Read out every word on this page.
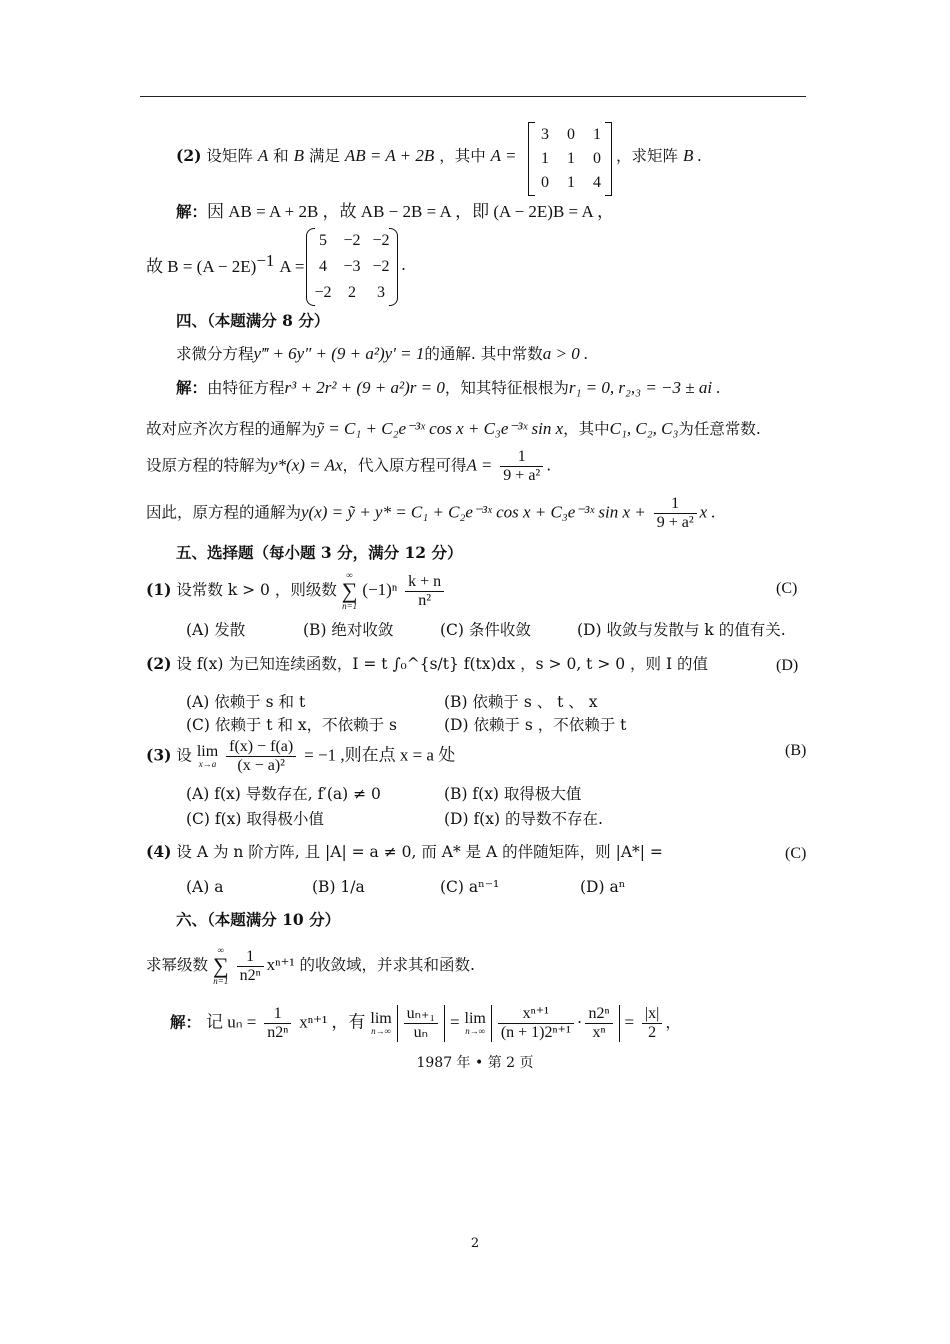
(2) 设矩阵 A 和 B 满足 AB = A + 2B ，其中 A =
3	0	1
1	1	0
0	1	4
，求矩阵 B .
解：因 AB = A + 2B ，故 AB − 2B = A ，即 (A − 2E)B = A ，
故 $B = (A - 2E)^{-1}$ A =
5	−2 −2
4	−3 −2
−2	2	3
.
四、（本题满分 8 分）
求微分方程y‴ + 6y″ + (9 + a²)y′ = 1的通解. 其中常数a > 0 .
解：由特征方程r³ + 2r² + (9 + a²)r = 0，知其特征根根为r₁ = 0, r₂,₃ = −3 ± ai .
故对应齐次方程的通解为ỹ = C₁ + C₂e⁻³ˣ cos x + C₃e⁻³ˣ sin x，其中C₁, C₂, C₃为任意常数.
设原方程的特解为y*(x) = Ax，代入原方程可得$A = \frac{1}{\text{9 + a²}}$ .
因此，原方程的通解为y(x) = ỹ + y* = C₁ + C₂e⁻³ˣ cos x + C₃e⁻³ˣ $\sin x + \frac{1}{\text{9 + a²}}$ x .
五、选择题（每小题 3 分，满分 12 分）
(1) 设常数 k > 0 ，则级数
∞
∑
n=1
$(-1)^n \frac{k + n}{\text{n²}}$	(C)
(A) 发散	(B) 绝对收敛	(C) 条件收敛	(D) 收敛与发散与 k 的值有关.
(2) 设 f(x) 为已知连续函数，I = t ∫₀^{s/t} f(tx)dx ，s > 0, t > 0 ，则 I 的值	(D)
(A) 依赖于 s 和 t	(B) 依赖于 s 、 t 、 x
(C) 依赖于 t 和 x，不依赖于 s	(D) 依赖于 s ，不依赖于 t
(3) 设 lim
x→a
$\frac{f(x) - f(a)}{\text{(x − a)²}} = -1$ ,则在点 x = a 处	(B)
(A) f(x) 导数存在, f′(a) ≠ 0	(B) f(x) 取得极大值
(C) f(x) 取得极小值	(D) f(x) 的导数不存在.
(4) 设 A 为 n 阶方阵, 且 |A| = a ≠ 0, 而 A* 是 A 的伴随矩阵，则 |A*| =	(C)
(A) a	(B) 1/a	(C) aⁿ⁻¹	(D) aⁿ
六、（本题满分 10 分）
求幂级数
∞
∑
n=1
$\frac{1}{\text{n2ⁿ}} x^{n+1}$ 的收敛域，并求其和函数.
解： 记 $u_n = \frac{1}{\text{n2ⁿ}} x^{n+1}$ ，有 lim
n→∞
$\frac{\text{uₙ₊₁}}{\text{uₙ}} = \lim$
n→∞
$\frac{\text{xⁿ⁺¹}}{\text{(n + 1)2ⁿ⁺¹}} \cdot \frac{\text{n2ⁿ}}{\text{xⁿ}} = \frac{|x|}{2}$ ，
1987 年 • 第 2 页
2
